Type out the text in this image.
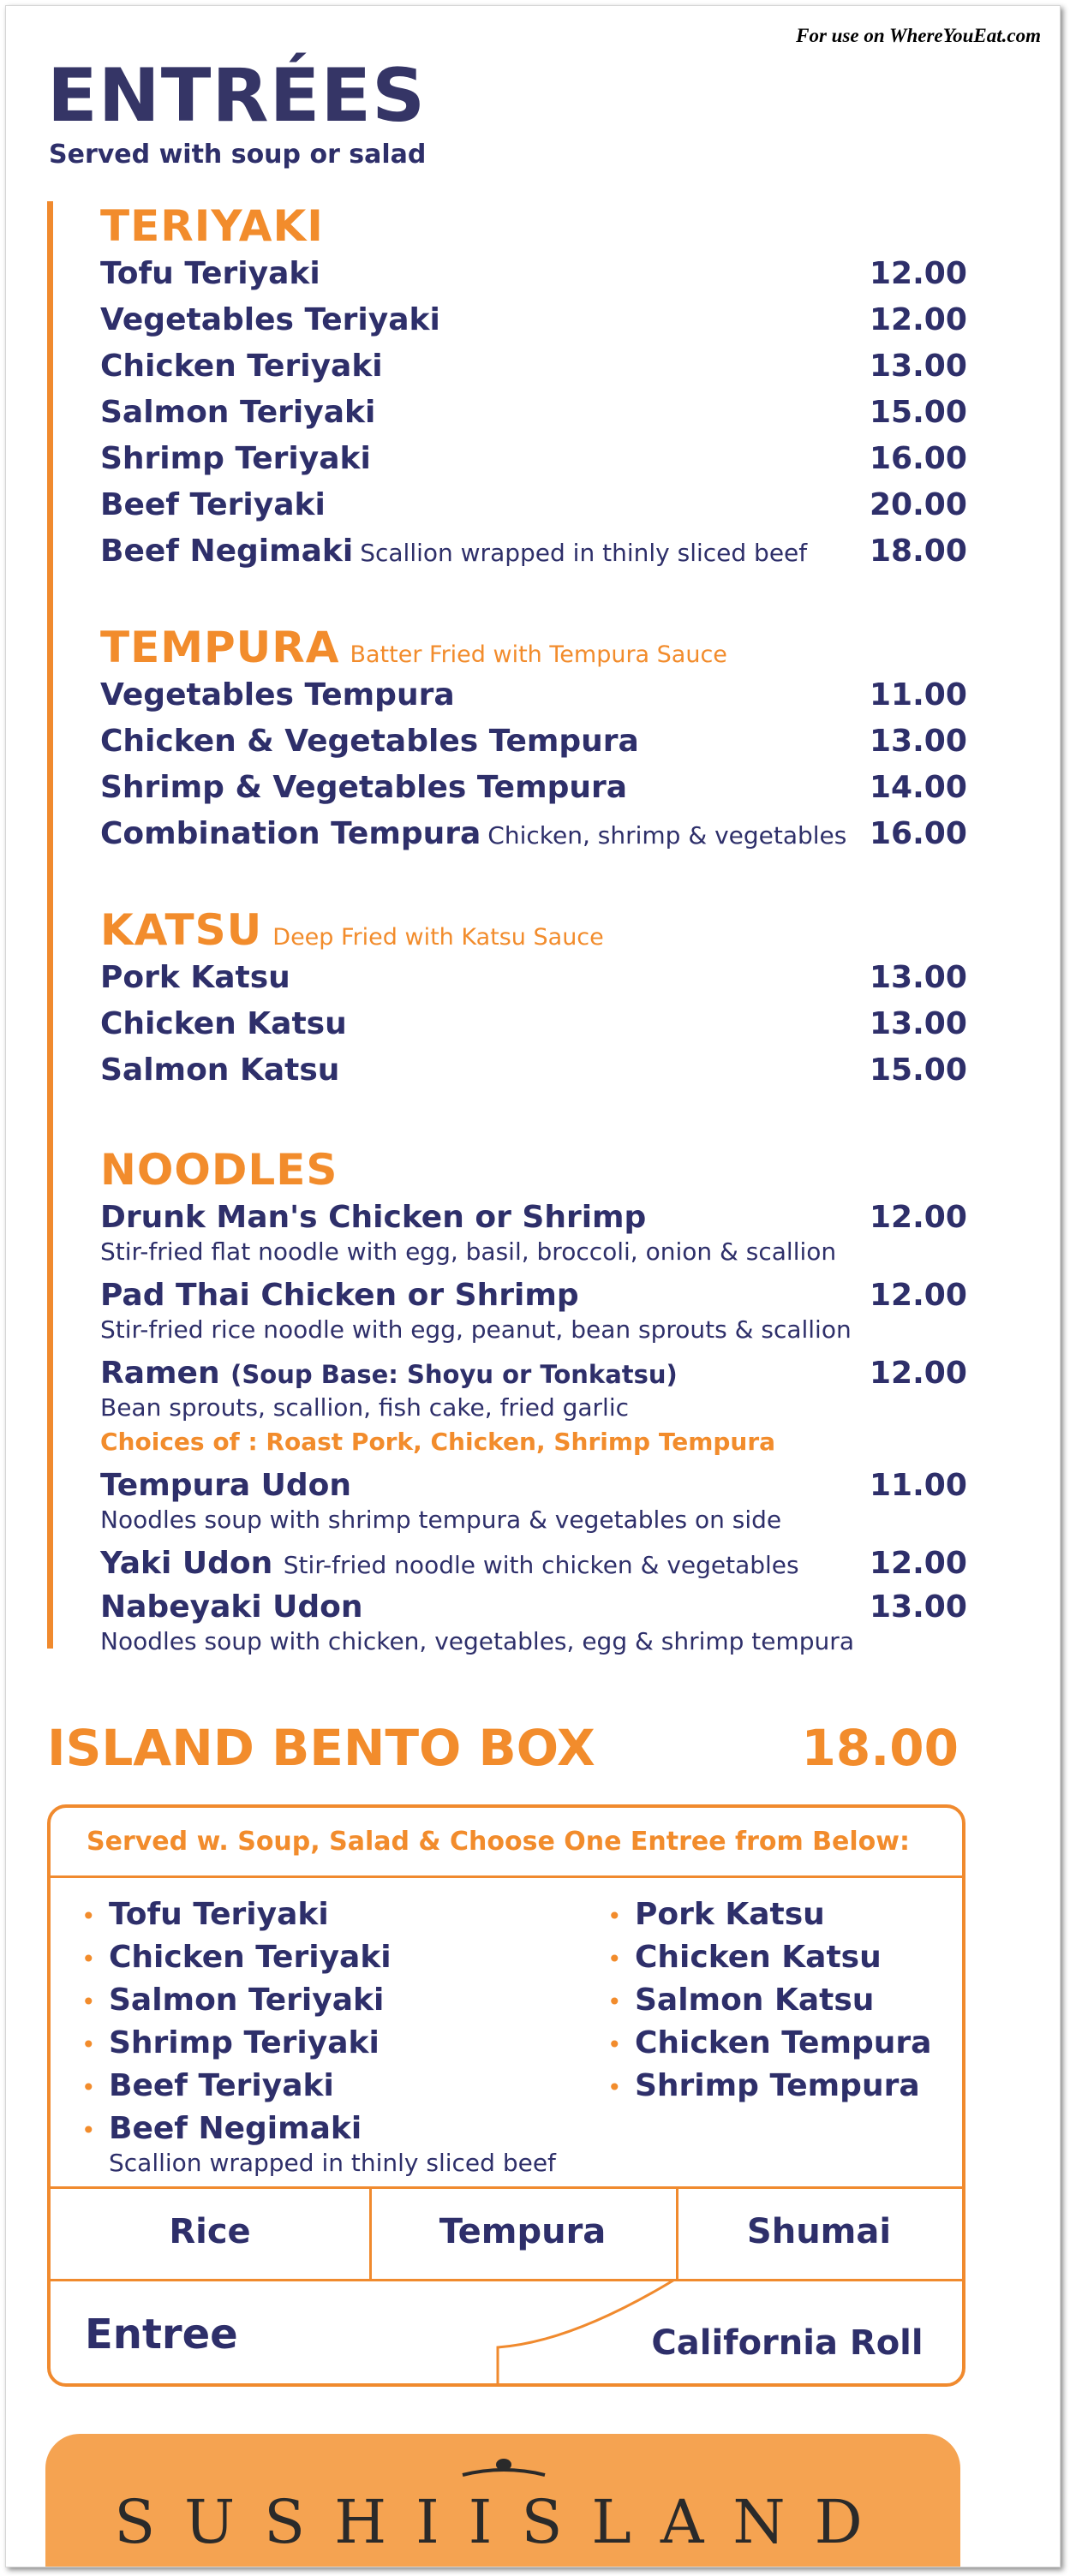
For use on WhereYouEat.com
ENTRÉES
Served with soup or salad
TERIYAKI
Tofu Teriyaki	12.00
Vegetables Teriyaki	12.00
Chicken Teriyaki	13.00
Salmon Teriyaki	15.00
Shrimp Teriyaki	16.00
Beef Teriyaki	20.00
Beef Negimaki Scallion wrapped in thinly sliced beef 18.00
TEMPURA Batter Fried with Tempura Sauce
Vegetables Tempura	11.00
Chicken & Vegetables Tempura	13.00
Shrimp & Vegetables Tempura	14.00
Combination Tempura Chicken, shrimp & vegetables 16.00
KATSU Deep Fried with Katsu Sauce
Pork Katsu	13.00
Chicken Katsu	13.00
Salmon Katsu	15.00
NOODLES
Drunk Man's Chicken or Shrimp	12.00
Stir-fried flat noodle with egg, basil, broccoli, onion & scallion
Pad Thai Chicken or Shrimp	12.00
Stir-fried rice noodle with egg, peanut, bean sprouts & scallion
Ramen (Soup Base: Shoyu or Tonkatsu)	12.00
Bean sprouts, scallion, fish cake, fried garlic
Choices of : Roast Pork, Chicken, Shrimp Tempura
Tempura Udon	11.00
Noodles soup with shrimp tempura & vegetables on side
Yaki Udon Stir-fried noodle with chicken & vegetables 12.00
Nabeyaki Udon	13.00
Noodles soup with chicken, vegetables, egg & shrimp tempura
ISLAND BENTO BOX	18.00
Served w. Soup, Salad & Choose One Entree from Below:
• Tofu Teriyaki
• Chicken Teriyaki
• Salmon Teriyaki
• Shrimp Teriyaki
• Beef Teriyaki
• Beef Negimaki
Scallion wrapped in thinly sliced beef
• Pork Katsu
• Chicken Katsu
• Salmon Katsu
• Chicken Tempura
• Shrimp Tempura
Rice	Tempura	Shumai
Entree	California Roll
SUSHIISLAND
